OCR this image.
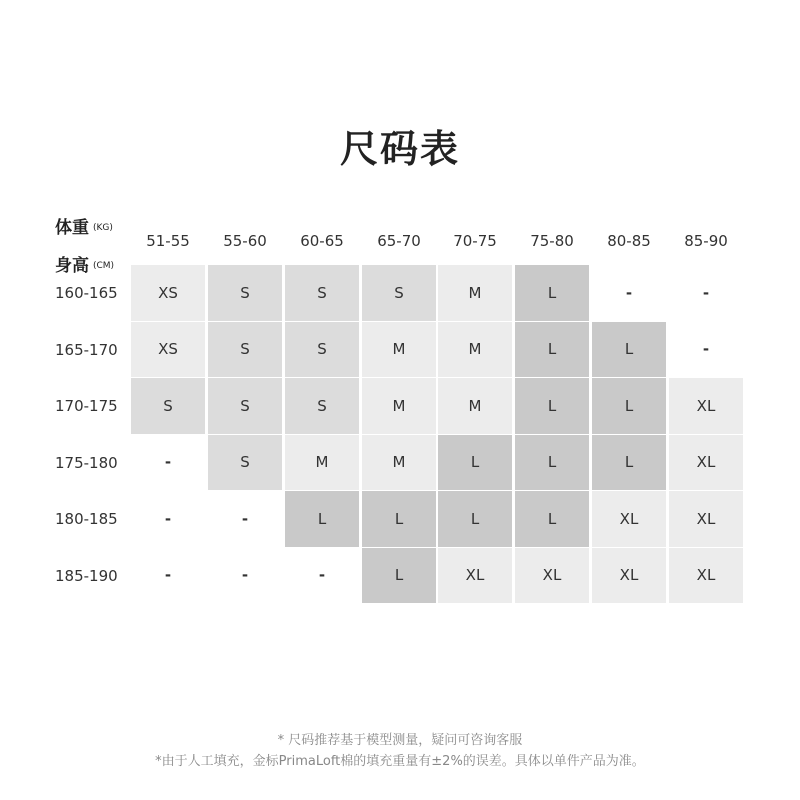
尺码表
体重 (KG)
身高 (CM)
51-55	55-60	60-65	65-70	70-75	75-80	80-85	85-90
160-165	XS	S	S	S	M	L	-	-
165-170	XS	S	S	M	M	L	L	-
170-175	S	S	S	M	M	L	L	XL
175-180	-	S	M	M	L	L	L	XL
180-185	-	-	L	L	L	L	XL	XL
185-190	-	-	-	L	XL	XL	XL	XL
* 尺码推荐基于模型测量，疑问可咨询客服
*由于人工填充，金标PrimaLoft棉的填充重量有±2%的误差。具体以单件产品为准。
